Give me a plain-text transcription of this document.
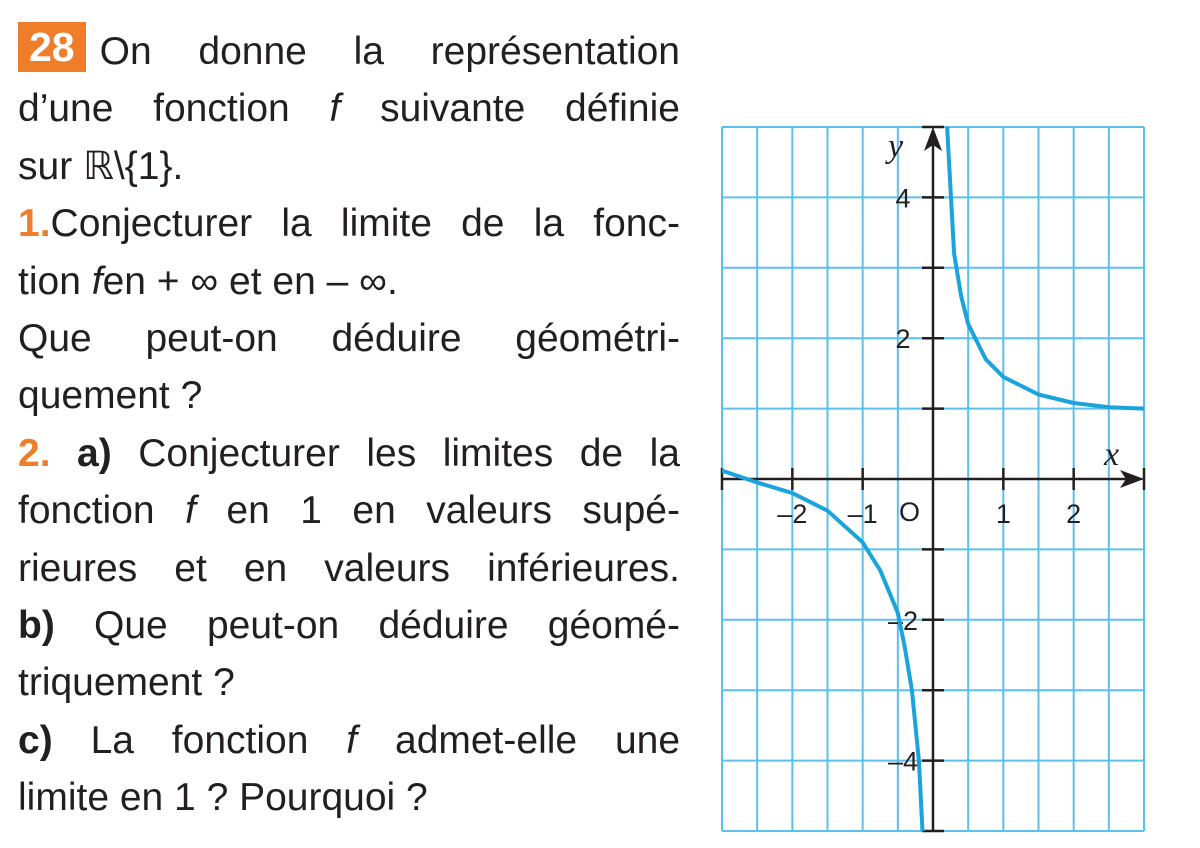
28 On donne la représentation
d’une fonction f suivante définie
sur ℝ\{1}.
1.Conjecturer la limite de la fonc-
tion fen + ∞ et en – ∞.
Que peut-on déduire géométri-
quement ?
2. a) Conjecturer les limites de la
fonction f en 1 en valeurs supé-
rieures et en valeurs inférieures.
b) Que peut-on déduire géomé-
triquement ?
c) La fonction f admet-elle une
limite en 1 ? Pourquoi ?
–2 –1	1 2
4
2
–2
–4
x
y
O
